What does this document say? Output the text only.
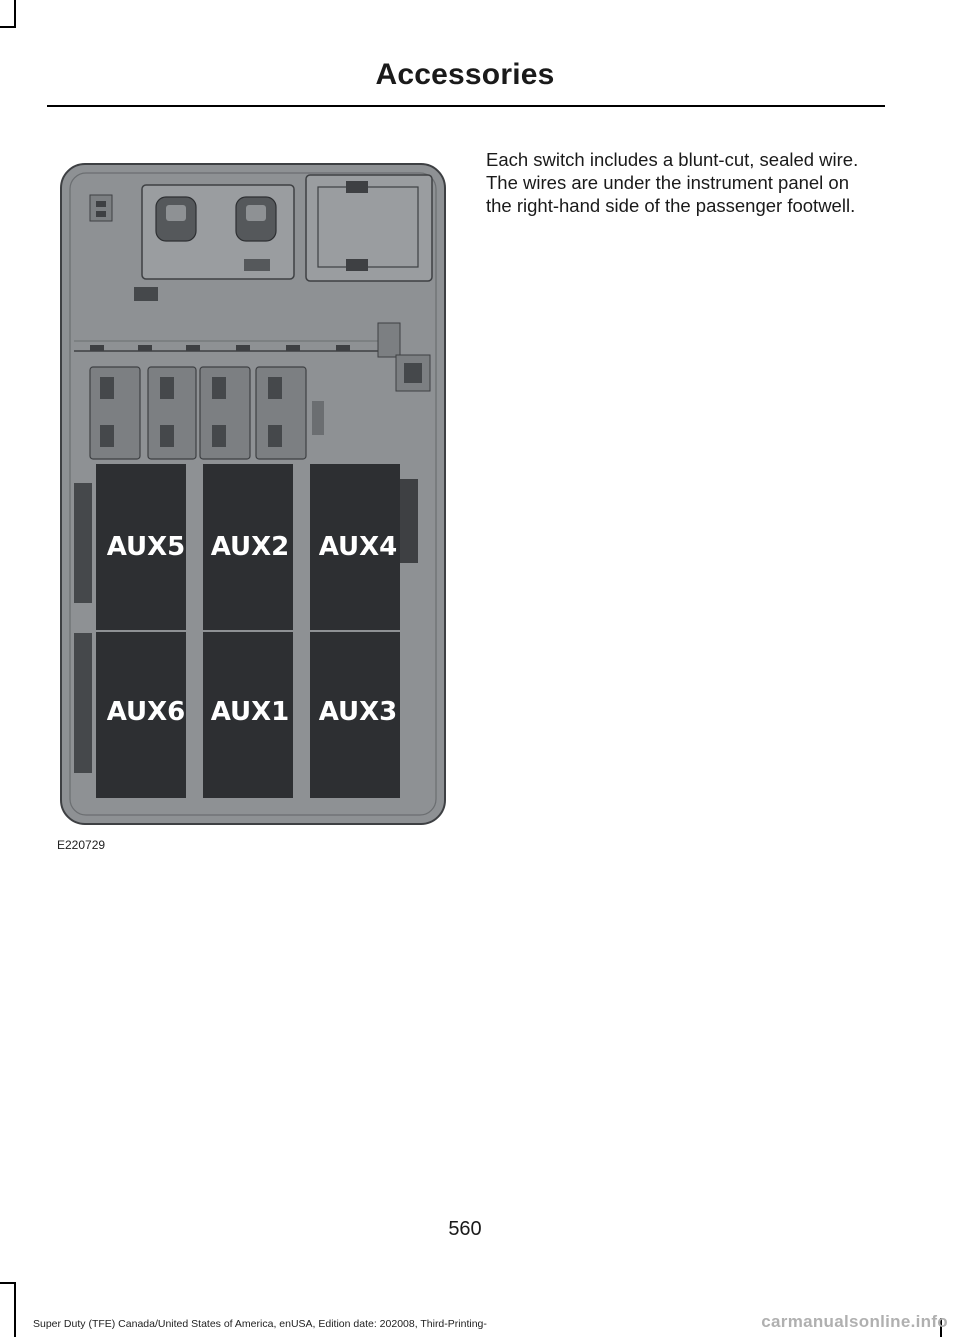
Accessories
AUX5 AUX2 AUX4
AUX6 AUX1 AUX3
E220729
Each switch includes a blunt-cut, sealed wire. The wires are under the instrument panel on the right-hand side of the passenger footwell.
560
Super Duty (TFE) Canada/United States of America, enUSA, Edition date: 202008, Third-Printing-	carmanualsonline.info
